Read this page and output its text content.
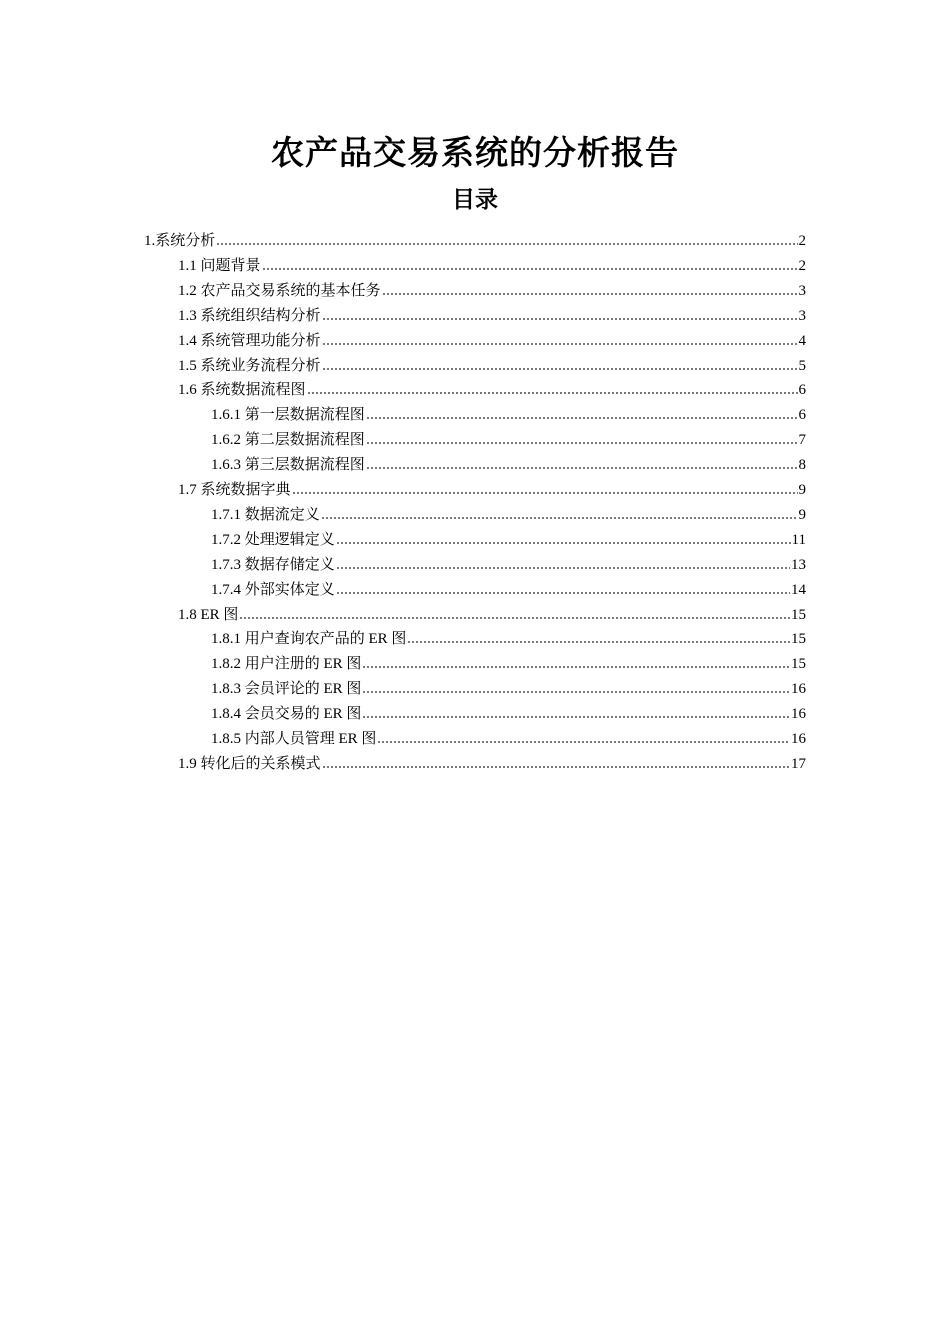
农产品交易系统的分析报告
目录
1.系统分析	2
1.1 问题背景	2
1.2 农产品交易系统的基本任务	3
1.3 系统组织结构分析	3
1.4 系统管理功能分析	4
1.5 系统业务流程分析	5
1.6 系统数据流程图	6
1.6.1 第一层数据流程图	6
1.6.2 第二层数据流程图	7
1.6.3 第三层数据流程图	8
1.7 系统数据字典	9
1.7.1 数据流定义	9
1.7.2 处理逻辑定义	11
1.7.3 数据存储定义	13
1.7.4 外部实体定义	14
1.8 ER 图	15
1.8.1 用户查询农产品的 ER 图	15
1.8.2 用户注册的 ER 图	15
1.8.3 会员评论的 ER 图	16
1.8.4 会员交易的 ER 图	16
1.8.5 内部人员管理 ER 图	16
1.9 转化后的关系模式	17
